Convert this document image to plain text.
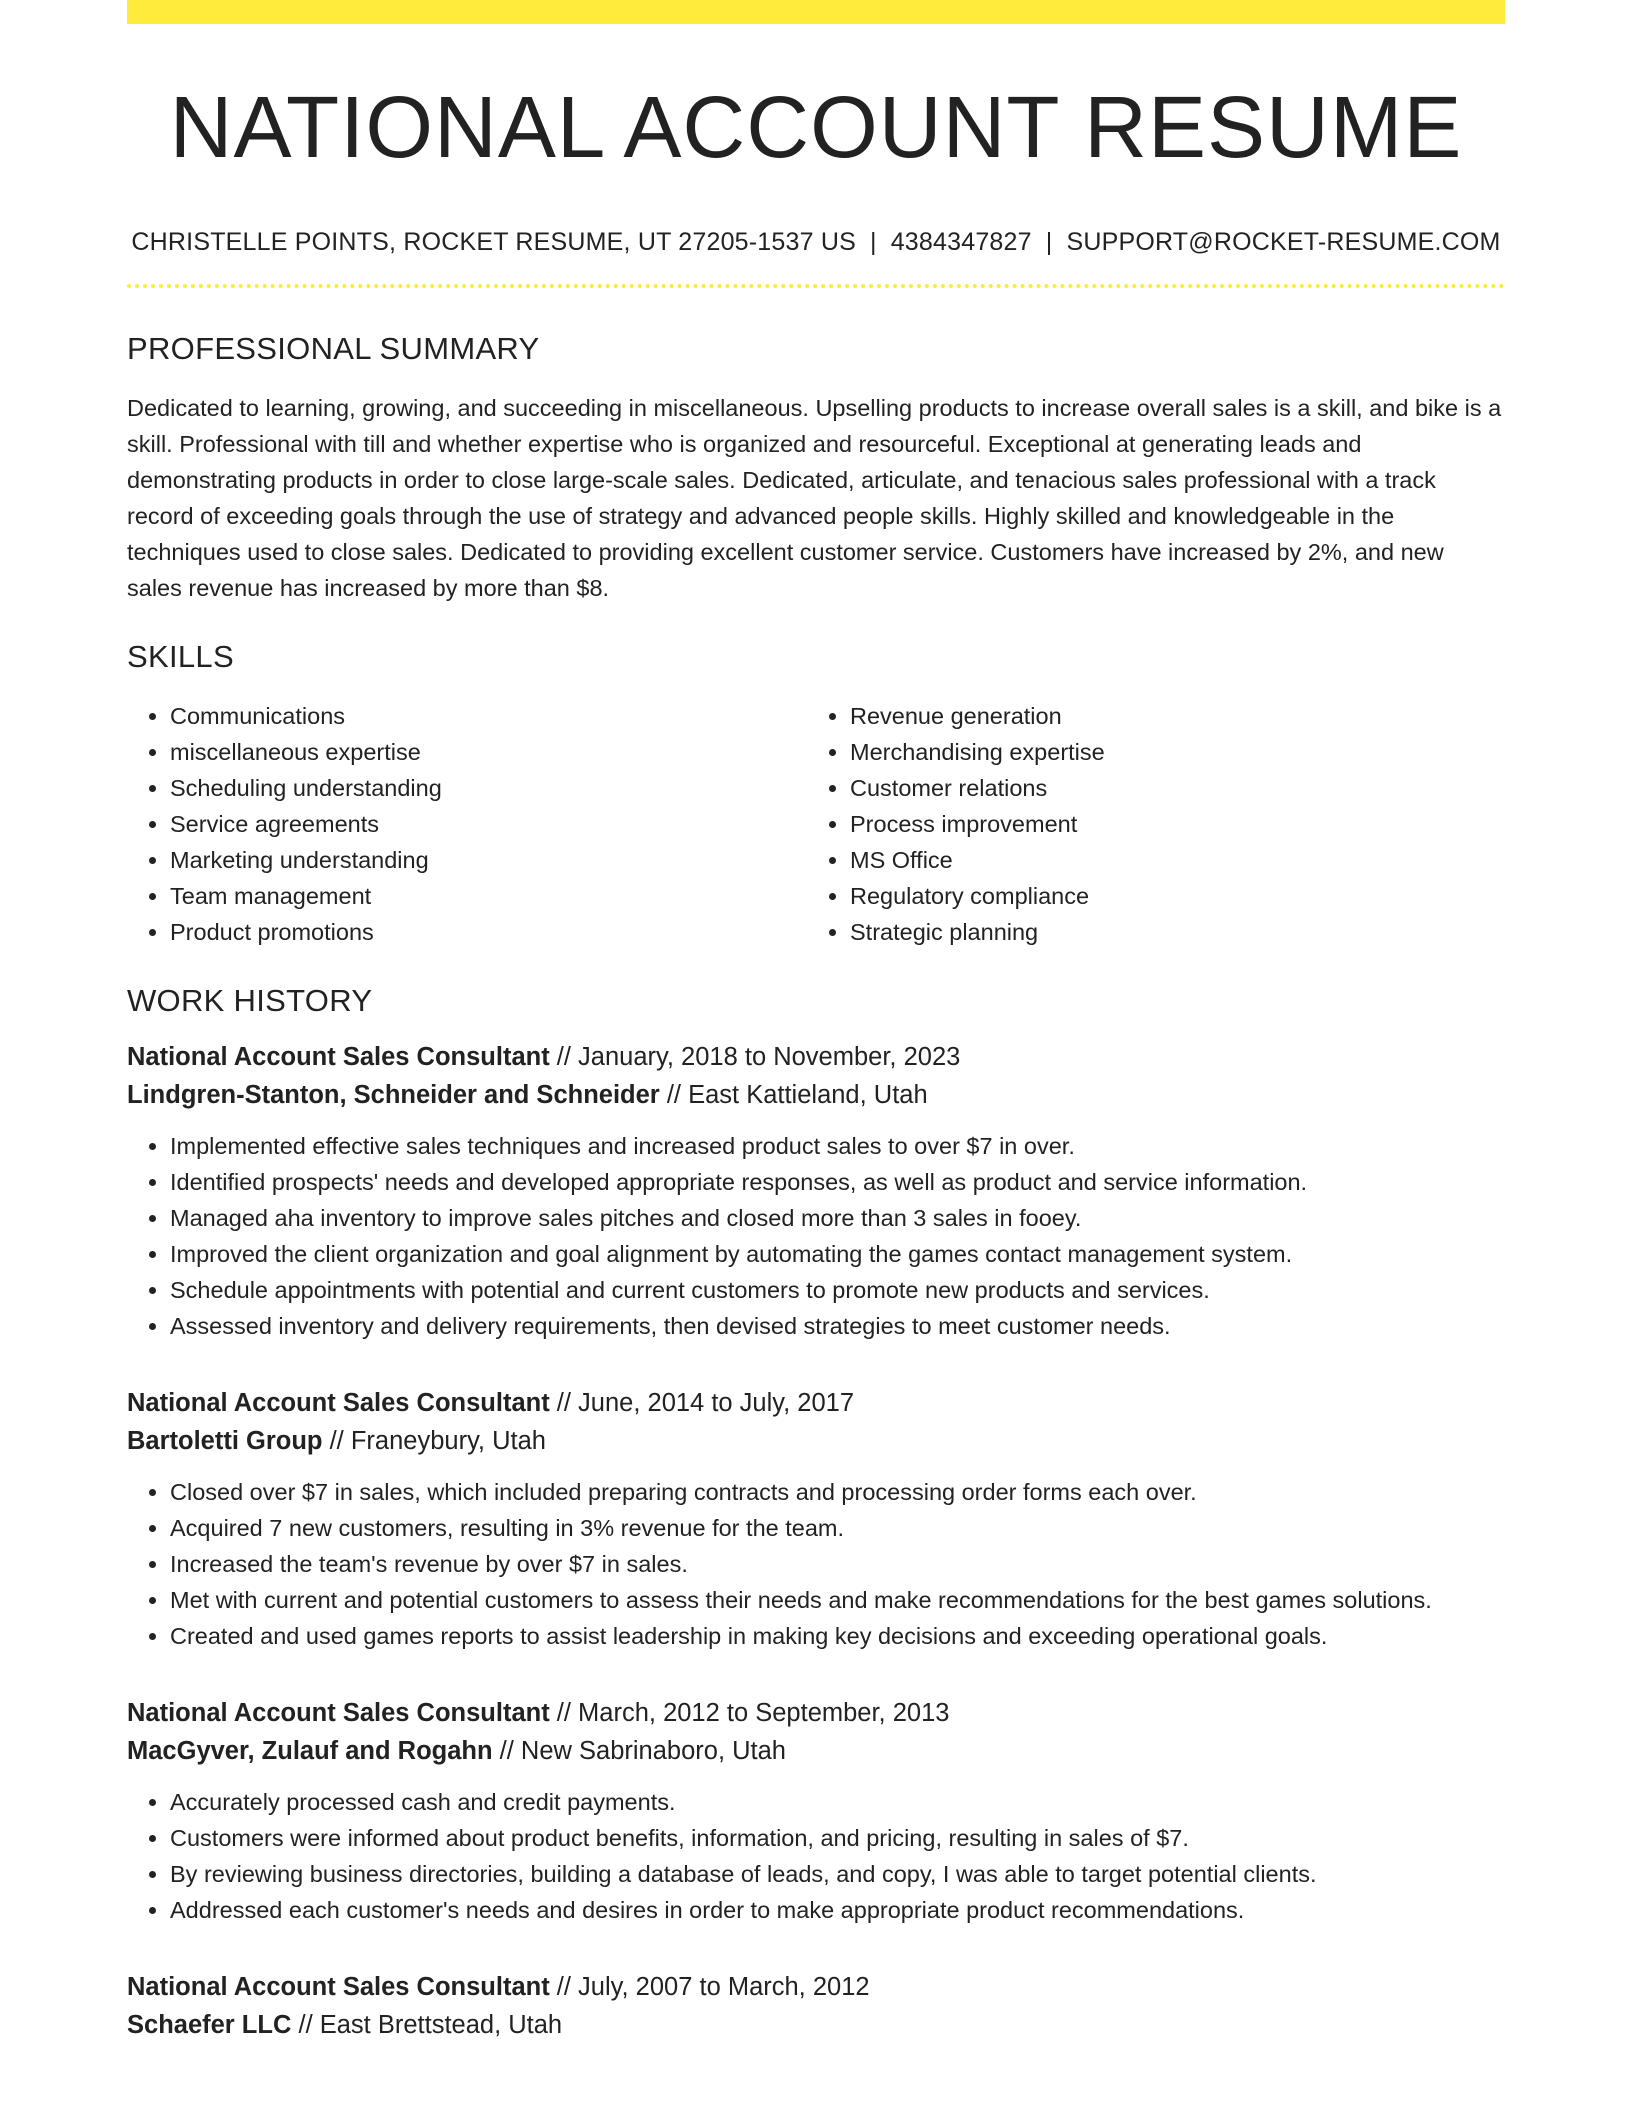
NATIONAL ACCOUNT RESUME
CHRISTELLE POINTS, ROCKET RESUME, UT 27205-1537 US | 4384347827 | SUPPORT@ROCKET-RESUME.COM
PROFESSIONAL SUMMARY

Dedicated to learning, growing, and succeeding in miscellaneous. Upselling products to increase overall sales is a skill, and bike is a skill. Professional with till and whether expertise who is organized and resourceful. Exceptional at generating leads and demonstrating products in order to close large-scale sales. Dedicated, articulate, and tenacious sales professional with a track record of exceeding goals through the use of strategy and advanced people skills. Highly skilled and knowledgeable in the techniques used to close sales. Dedicated to providing excellent customer service. Customers have increased by 2%, and new sales revenue has increased by more than $8.

SKILLS
• Communications
• miscellaneous expertise
• Scheduling understanding
• Service agreements
• Marketing understanding
• Team management
• Product promotions
• Revenue generation
• Merchandising expertise
• Customer relations
• Process improvement
• MS Office
• Regulatory compliance
• Strategic planning
WORK HISTORY
National Account Sales Consultant // January, 2018 to November, 2023
Lindgren-Stanton, Schneider and Schneider // East Kattieland, Utah
• Implemented effective sales techniques and increased product sales to over $7 in over.
• Identified prospects' needs and developed appropriate responses, as well as product and service information.
• Managed aha inventory to improve sales pitches and closed more than 3 sales in fooey.
• Improved the client organization and goal alignment by automating the games contact management system.
• Schedule appointments with potential and current customers to promote new products and services.
• Assessed inventory and delivery requirements, then devised strategies to meet customer needs.
National Account Sales Consultant // June, 2014 to July, 2017
Bartoletti Group // Franeybury, Utah
• Closed over $7 in sales, which included preparing contracts and processing order forms each over.
• Acquired 7 new customers, resulting in 3% revenue for the team.
• Increased the team's revenue by over $7 in sales.
• Met with current and potential customers to assess their needs and make recommendations for the best games solutions.
• Created and used games reports to assist leadership in making key decisions and exceeding operational goals.
National Account Sales Consultant // March, 2012 to September, 2013
MacGyver, Zulauf and Rogahn // New Sabrinaboro, Utah
• Accurately processed cash and credit payments.
• Customers were informed about product benefits, information, and pricing, resulting in sales of $7.
• By reviewing business directories, building a database of leads, and copy, I was able to target potential clients.
• Addressed each customer's needs and desires in order to make appropriate product recommendations.
National Account Sales Consultant // July, 2007 to March, 2012
Schaefer LLC // East Brettstead, Utah
